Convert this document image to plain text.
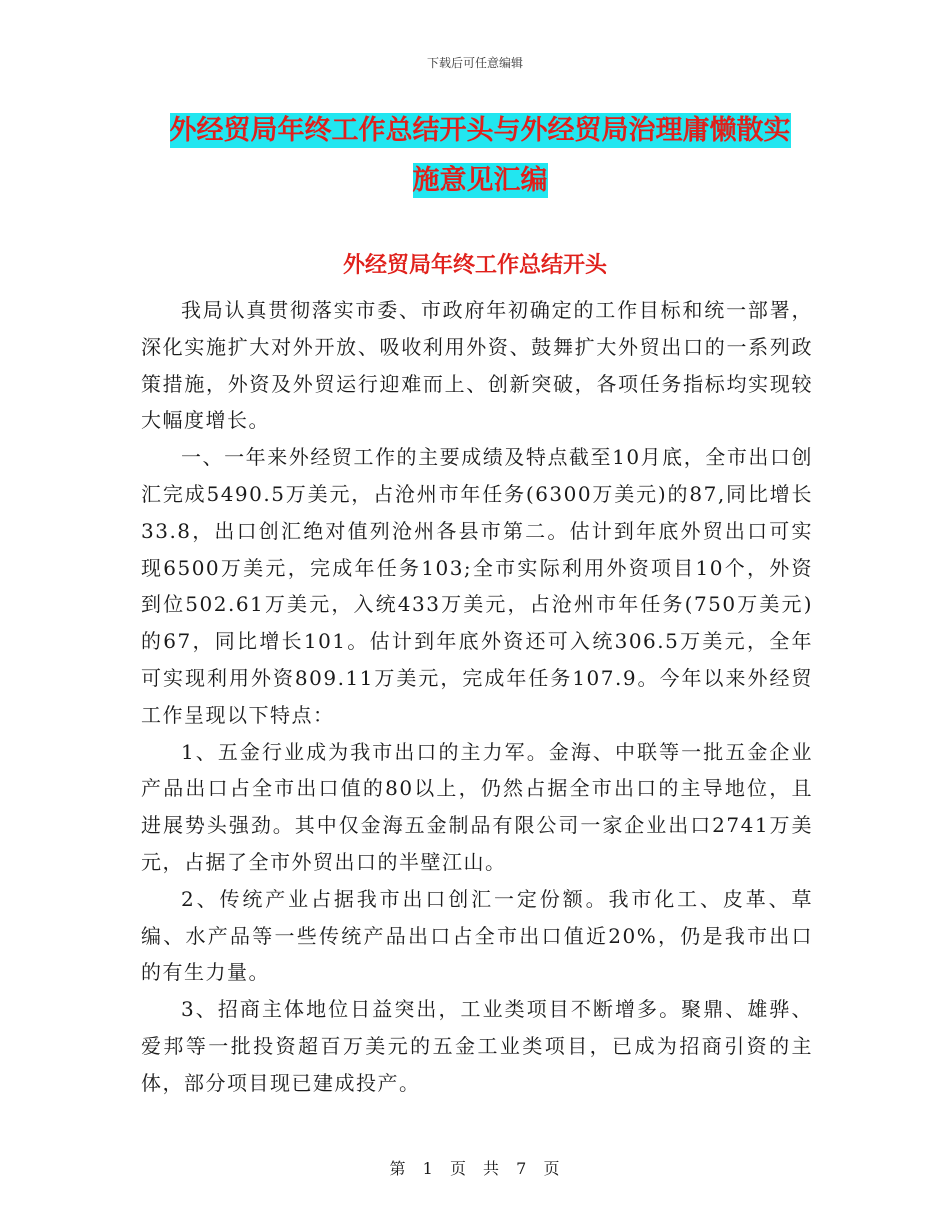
下载后可任意编辑
外经贸局年终工作总结开头与外经贸局治理庸懒散实
施意见汇编
外经贸局年终工作总结开头

我局认真贯彻落实市委、市政府年初确定的工作目标和统一部署，深化实施扩大对外开放、吸收利用外资、鼓舞扩大外贸出口的一系列政策措施，外资及外贸运行迎难而上、创新突破，各项任务指标均实现较大幅度增长。

一、一年来外经贸工作的主要成绩及特点截至10月底，全市出口创汇完成5490.5万美元，占沧州市年任务(6300万美元)的87,同比增长33.8，出口创汇绝对值列沧州各县市第二。估计到年底外贸出口可实现6500万美元，完成年任务103;全市实际利用外资项目10个，外资到位502.61万美元，入统433万美元，占沧州市年任务(750万美元)的67，同比增长101。估计到年底外资还可入统306.5万美元，全年可实现利用外资809.11万美元，完成年任务107.9。今年以来外经贸工作呈现以下特点：

1、五金行业成为我市出口的主力军。金海、中联等一批五金企业产品出口占全市出口值的80以上，仍然占据全市出口的主导地位，且进展势头强劲。其中仅金海五金制品有限公司一家企业出口2741万美元，占据了全市外贸出口的半壁江山。

2、传统产业占据我市出口创汇一定份额。我市化工、皮革、草编、水产品等一些传统产品出口占全市出口值近20%，仍是我市出口的有生力量。

3、招商主体地位日益突出，工业类项目不断增多。聚鼎、雄骅、爱邦等一批投资超百万美元的五金工业类项目，已成为招商引资的主体，部分项目现已建成投产。

第 1 页 共 7 页
